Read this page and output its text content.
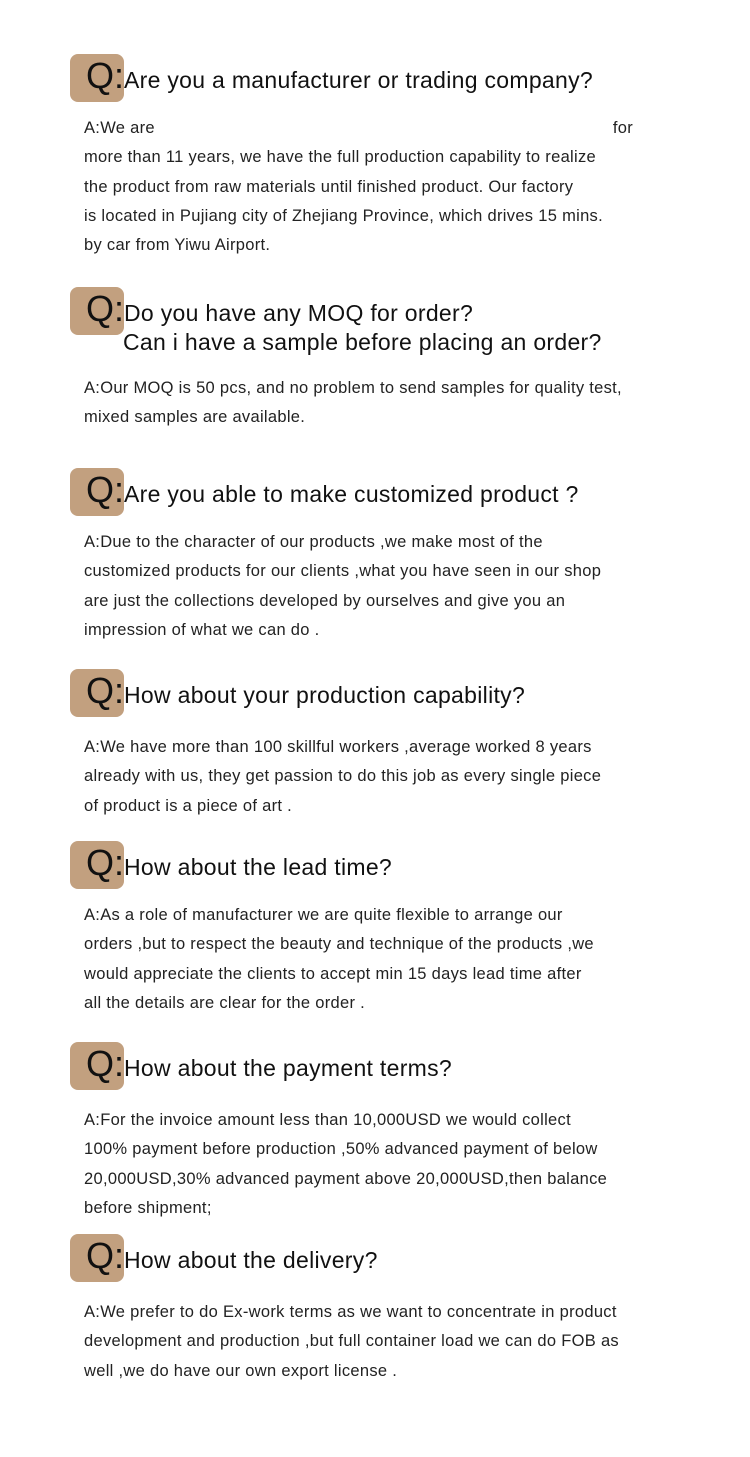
Q: Are you a manufacturer or trading company?
A:We are	for
more than 11 years, we have the full production capability to realize
the product from raw materials until finished product. Our factory
is located in Pujiang city of Zhejiang Province, which drives 15 mins.
by car from Yiwu Airport.
Q: Do you have any MOQ for order?
Can i have a sample before placing an order?
A:Our MOQ is 50 pcs, and no problem to send samples for quality test,
mixed samples are available.
Q: Are you able to make customized product ?
A:Due to the character of our products ,we make most of the
customized products for our clients ,what you have seen in our shop
are just the collections developed by ourselves and give you an
impression of what we can do .
Q: How about your production capability?
A:We have more than 100 skillful workers ,average worked 8 years
already with us, they get passion to do this job as every single piece
of product is a piece of art .
Q: How about the lead time?
A:As a role of manufacturer we are quite flexible to arrange our
orders ,but to respect the beauty and technique of the products ,we
would appreciate the clients to accept min 15 days lead time after
all the details are clear for the order .
Q: How about the payment terms?
A:For the invoice amount less than 10,000USD we would collect
100% payment before production ,50% advanced payment of below
20,000USD,30% advanced payment above 20,000USD,then balance
before shipment;
Q: How about the delivery?
A:We prefer to do Ex-work terms as we want to concentrate in product
development and production ,but full container load we can do FOB as
well ,we do have our own export license .
